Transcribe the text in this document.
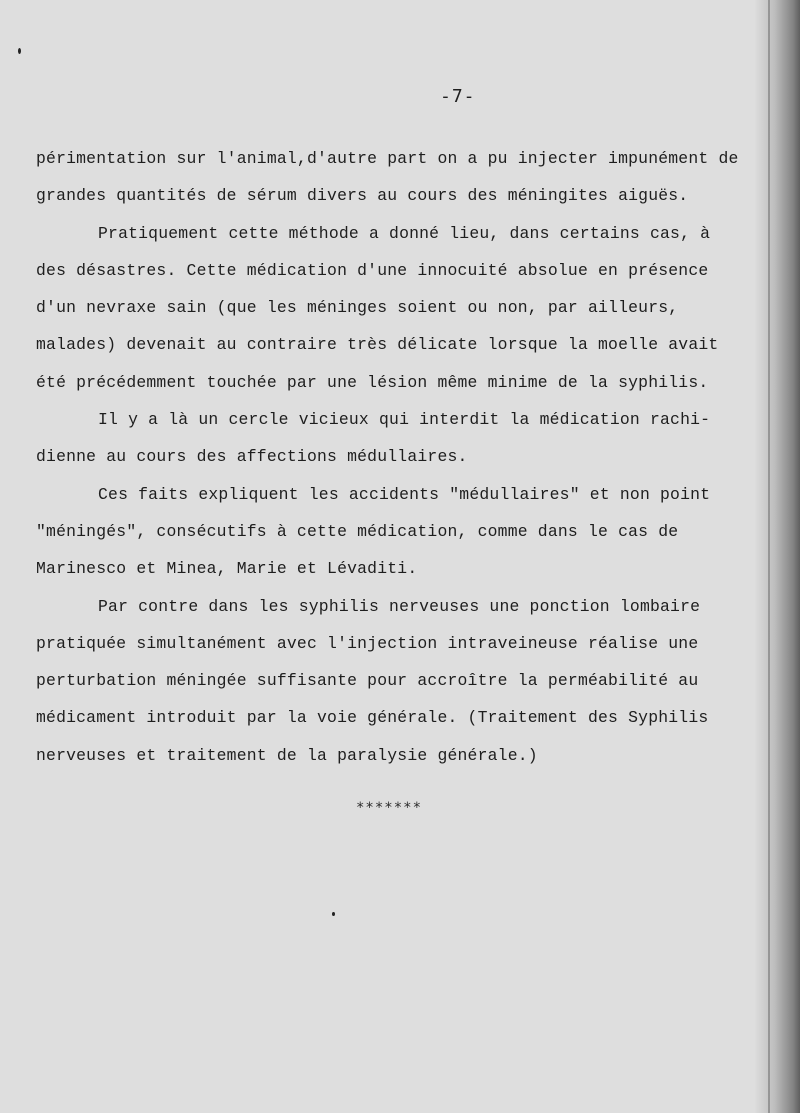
-7-
périmentation sur l'animal,d'autre part on a pu injecter impunément de
grandes quantités de sérum divers au cours des méningites aiguës.
Pratiquement cette méthode a donné lieu, dans certains cas, à
des désastres. Cette médication d'une innocuité absolue en présence
d'un nevraxe sain (que les méninges soient ou non, par ailleurs,
malades) devenait au contraire très délicate lorsque la moelle avait
été précédemment touchée par une lésion même minime de la syphilis.
Il y a là un cercle vicieux qui interdit la médication rachi-
dienne au cours des affections médullaires.
Ces faits expliquent les accidents "médullaires" et non point
"méningés", consécutifs à cette médication, comme dans le cas de
Marinesco et Minea, Marie et Lévaditi.
Par contre dans les syphilis nerveuses une ponction lombaire
pratiquée simultanément avec l'injection intraveineuse réalise une
perturbation méningée suffisante pour accroître la perméabilité au
médicament introduit par la voie générale. (Traitement des Syphilis
nerveuses et traitement de la paralysie générale.)
*******
